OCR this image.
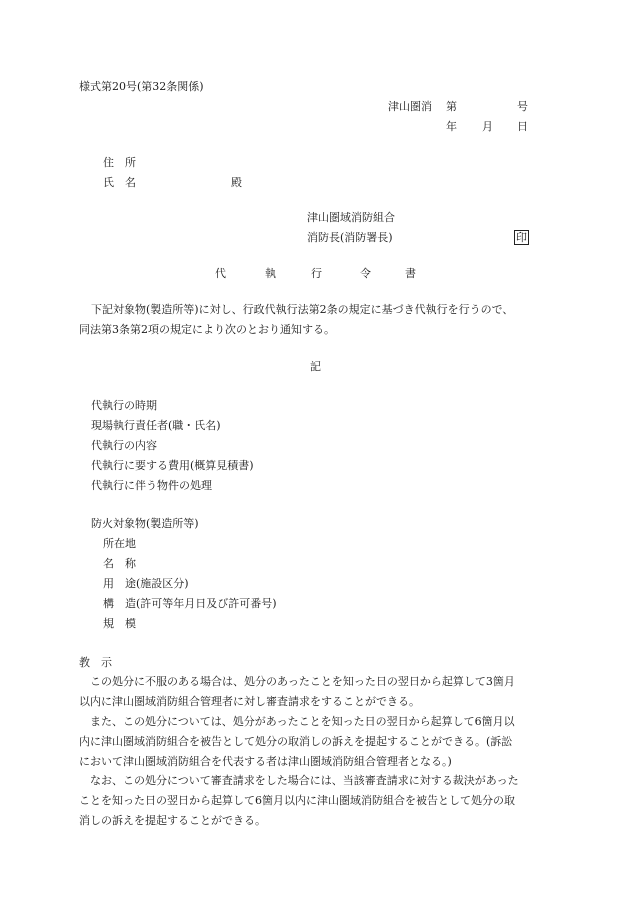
様式第20号(第32条関係)
津山圏消 第	号
年 月 日
住　所
氏　名	殿
津山圏域消防組合
消防長(消防署長)	印
代	執	行	令	書
下記対象物(製造所等)に対し、行政代執行法第2条の規定に基づき代執行を行うので、
同法第3条第2項の規定により次のとおり通知する。
記
代執行の時期
現場執行責任者(職・氏名)
代執行の内容
代執行に要する費用(概算見積書)
代執行に伴う物件の処理
防火対象物(製造所等)
所在地
名　称
用　途(施設区分)
構　造(許可等年月日及び許可番号)
規　模
教　示
　この処分に不服のある場合は、処分のあったことを知った日の翌日から起算して3箇月
以内に津山圏域消防組合管理者に対し審査請求をすることができる。
　また、この処分については、処分があったことを知った日の翌日から起算して6箇月以
内に津山圏域消防組合を被告として処分の取消しの訴えを提起することができる。(訴訟
において津山圏域消防組合を代表する者は津山圏域消防組合管理者となる。)
　なお、この処分について審査請求をした場合には、当該審査請求に対する裁決があった
ことを知った日の翌日から起算して6箇月以内に津山圏域消防組合を被告として処分の取
消しの訴えを提起することができる。
